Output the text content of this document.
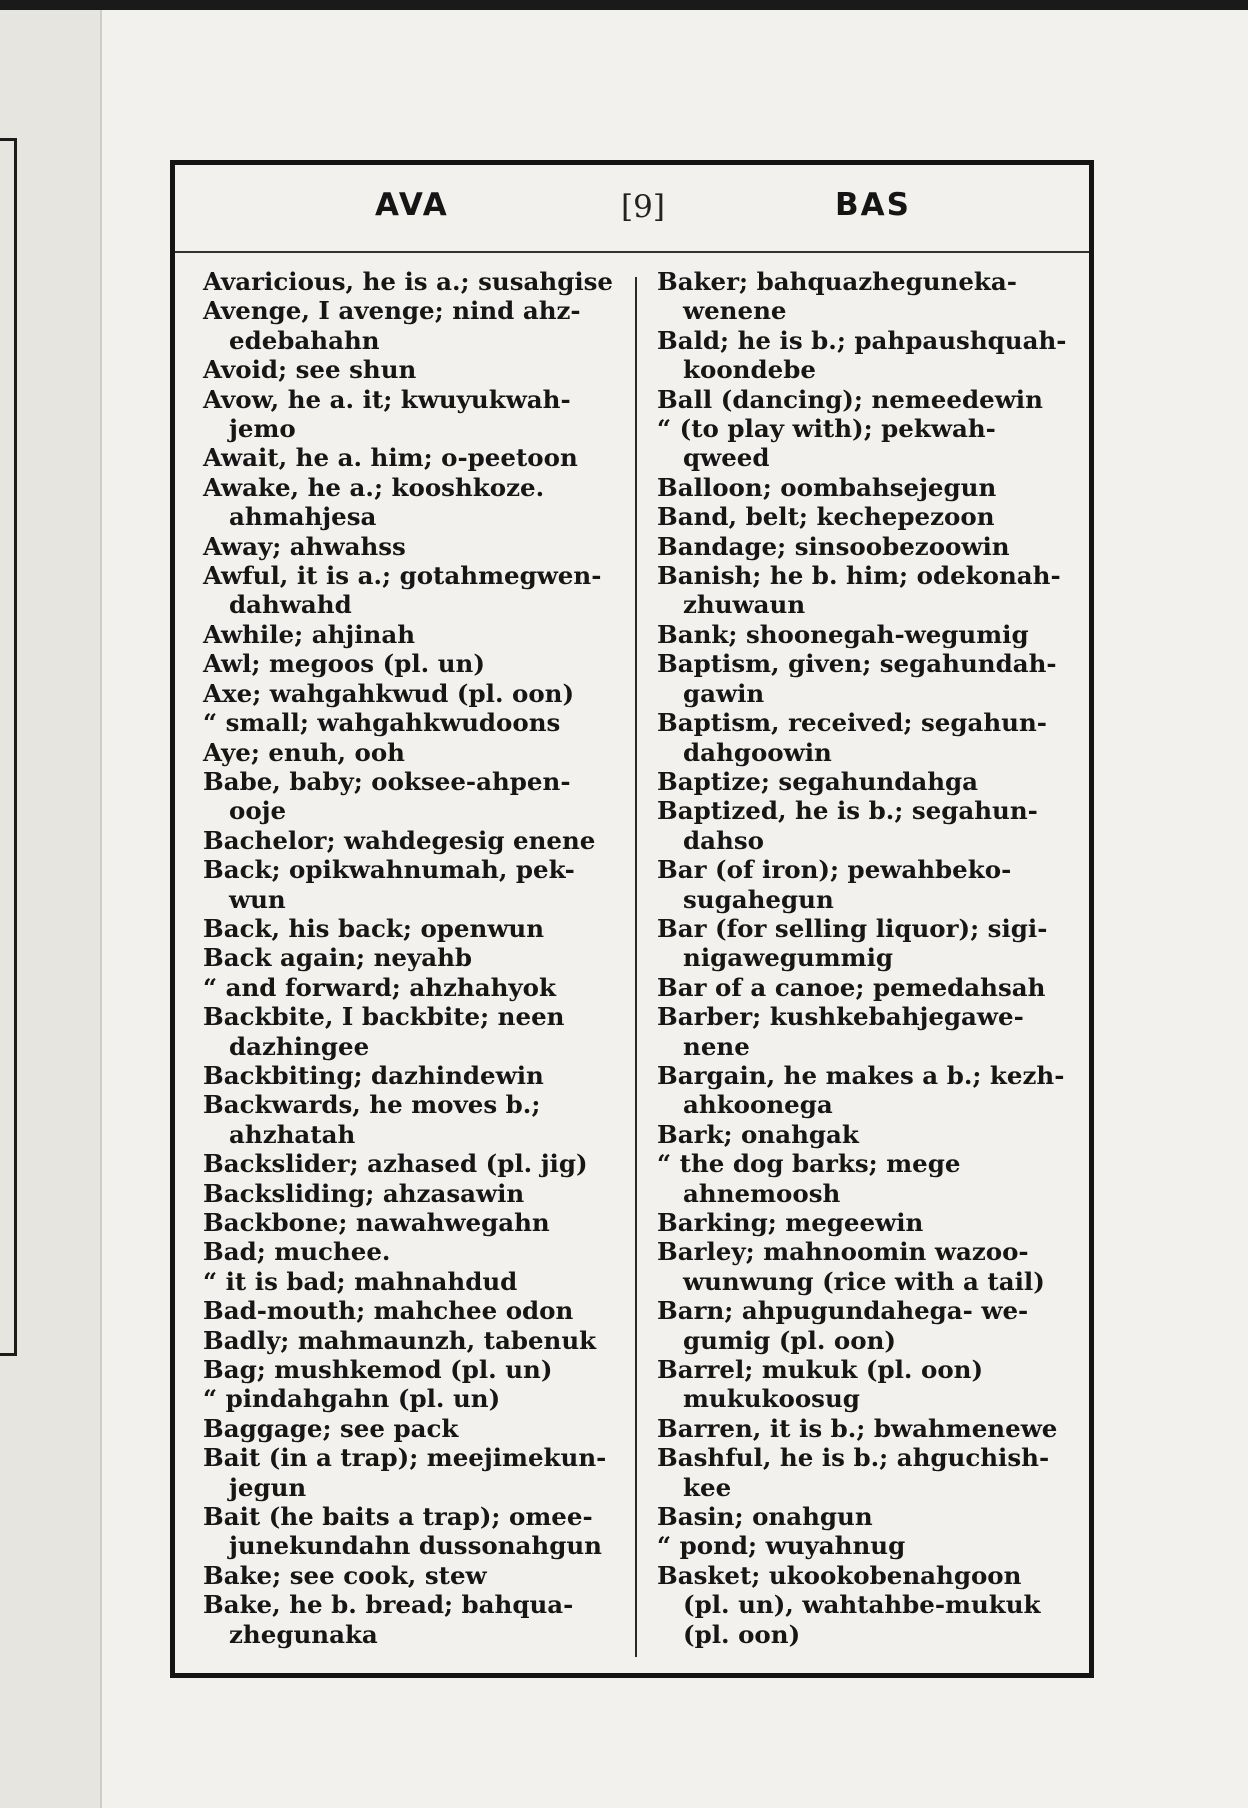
AVA	[9]	BAS
Avaricious, he is a.; susahgise
Avenge, I avenge; nind ahz-
edebahahn
Avoid; see shun
Avow, he a. it; kwuyukwah-
jemo
Await, he a. him; o-peetoon
Awake, he a.; kooshkoze.
ahmahjesa
Away; ahwahss
Awful, it is a.; gotahmegwen-
dahwahd
Awhile; ahjinah
Awl; megoos (pl. un)
Axe; wahgahkwud (pl. oon)
“ small; wahgahkwudoons
Aye; enuh, ooh
Babe, baby; ooksee-ahpen-
ooje
Bachelor; wahdegesig enene
Back; opikwahnumah, pek-
wun
Back, his back; openwun
Back again; neyahb
“ and forward; ahzhahyok
Backbite, I backbite; neen
dazhingee
Backbiting; dazhindewin
Backwards, he moves b.;
ahzhatah
Backslider; azhased (pl. jig)
Backsliding; ahzasawin
Backbone; nawahwegahn
Bad; muchee.
“ it is bad; mahnahdud
Bad-mouth; mahchee odon
Badly; mahmaunzh, tabenuk
Bag; mushkemod (pl. un)
“ pindahgahn (pl. un)
Baggage; see pack
Bait (in a trap); meejimekun-
jegun
Bait (he baits a trap); omee-
junekundahn dussonahgun
Bake; see cook, stew
Bake, he b. bread; bahqua-
zhegunaka
Baker; bahquazheguneka-
wenene
Bald; he is b.; pahpaushquah-
koondebe
Ball (dancing); nemeedewin
“ (to play with); pekwah-
qweed
Balloon; oombahsejegun
Band, belt; kechepezoon
Bandage; sinsoobezoowin
Banish; he b. him; odekonah-
zhuwaun
Bank; shoonegah-wegumig
Baptism, given; segahundah-
gawin
Baptism, received; segahun-
dahgoowin
Baptize; segahundahga
Baptized, he is b.; segahun-
dahso
Bar (of iron); pewahbeko-
sugahegun
Bar (for selling liquor); sigi-
nigawegummig
Bar of a canoe; pemedahsah
Barber; kushkebahjegawe-
nene
Bargain, he makes a b.; kezh-
ahkoonega
Bark; onahgak
“ the dog barks; mege
ahnemoosh
Barking; megeewin
Barley; mahnoomin wazoo-
wunwung (rice with a tail)
Barn; ahpugundahega- we-
gumig (pl. oon)
Barrel; mukuk (pl. oon)
mukukoosug
Barren, it is b.; bwahmenewe
Bashful, he is b.; ahguchish-
kee
Basin; onahgun
“ pond; wuyahnug
Basket; ukookobenahgoon
(pl. un), wahtahbe-mukuk
(pl. oon)
